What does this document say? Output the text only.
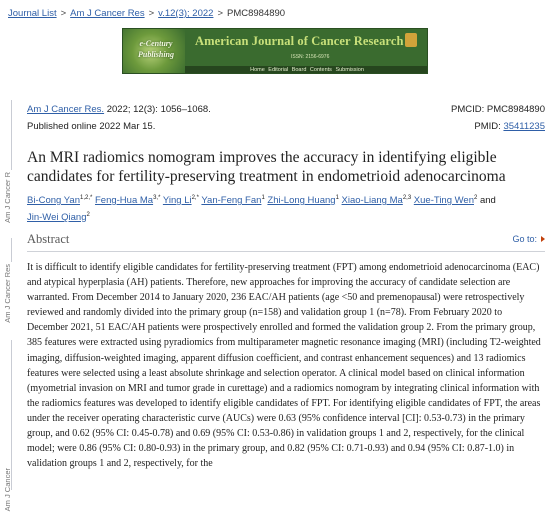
Journal List > Am J Cancer Res > v.12(3); 2022 > PMC8984890
e-Century Publishing
American Journal of Cancer Research
ISSN: 2156-6976
Home Editorial Board Contents Submission
Am J Cancer R
Am J Cancer Res
Am J Cancer
Am J Cancer Res. 2022; 12(3): 1056–1068.	PMCID: PMC8984890
Published online 2022 Mar 15.	PMID: 35411235
An MRI radiomics nomogram improves the accuracy in identifying eligible candidates for fertility-preserving treatment in endometrioid adenocarcinoma
Bi-Cong Yan$^{1,2,*}$ Feng-Hua $Ma^{3,*}$ Ying $Li^{2,*}$ Yan-Feng Fan$^1$ Zhi-Long Huang$^1$ Xiao-Liang Ma$^{2,3}$ Xue-Ting Wen$^2$ and
Jin-Wei Qiang$^2$
Abstract	Go to:

It is difficult to identify eligible candidates for fertility-preserving treatment (FPT) among endometrioid adenocarcinoma (EAC) and atypical hyperplasia (AH) patients. Therefore, new approaches for improving the accuracy of candidate selection are warranted. From December 2014 to January 2020, 236 EAC/AH patients (age <50 and premenopausal) were retrospectively reviewed and randomly divided into the primary group (n=158) and validation group 1 (n=78). From February 2020 to December 2021, 51 EAC/AH patients were prospectively enrolled and formed the validation group 2. From the primary group, 385 features were extracted using pyradiomics from multiparameter magnetic resonance imaging (MRI) (including T2-weighted imaging, diffusion-weighted imaging, apparent diffusion coefficient, and contrast enhancement sequences) and 13 radiomics features were selected using a least absolute shrinkage and selection operator. A clinical model based on clinical information (myometrial invasion on MRI and tumor grade in curettage) and a radiomics nomogram by integrating clinical information with the radiomics features was developed to identify eligible candidates of FPT. For identifying eligible candidates of FPT, the areas under the receiver operating characteristic curve (AUCs) were 0.63 (95% confidence interval [CI]: 0.53-0.73) in the primary group, and 0.62 (95% CI: 0.45-0.78) and 0.69 (95% CI: 0.53-0.86) in validation groups 1 and 2, respectively, for the clinical model; were 0.86 (95% CI: 0.80-0.93) in the primary group, and 0.82 (95% CI: 0.71-0.93) and 0.94 (95% CI: 0.87-1.0) in validation groups 1 and 2, respectively, for the
